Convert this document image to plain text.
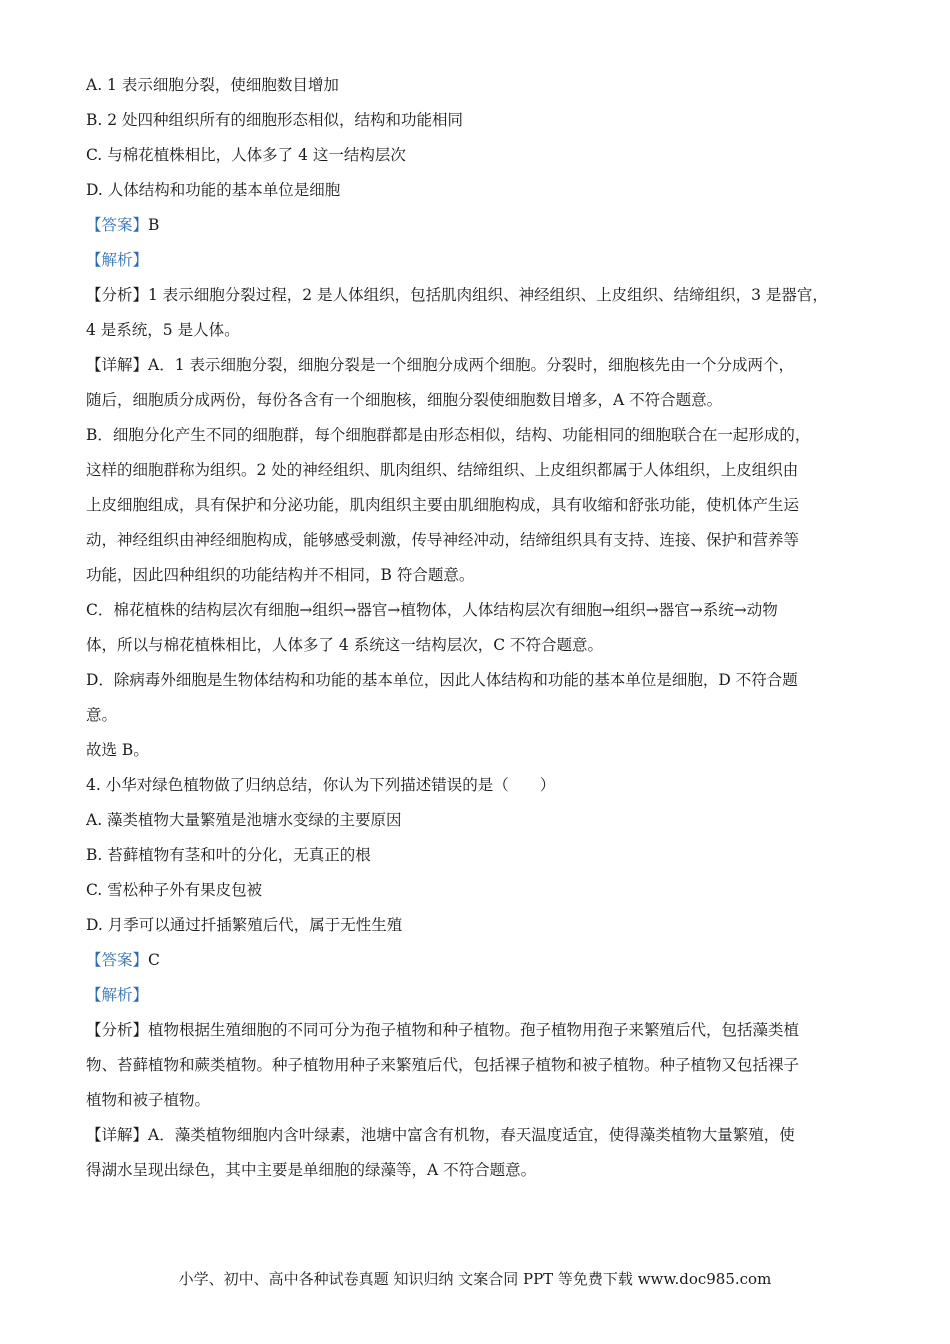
A. 1 表示细胞分裂，使细胞数目增加
B. 2 处四种组织所有的细胞形态相似，结构和功能相同
C. 与棉花植株相比，人体多了 4 这一结构层次
D. 人体结构和功能的基本单位是细胞
【答案】B
【解析】
【分析】1 表示细胞分裂过程，2 是人体组织，包括肌肉组织、神经组织、上皮组织、结缔组织，3 是器官，
4 是系统，5 是人体。
【详解】A．1 表示细胞分裂，细胞分裂是一个细胞分成两个细胞。分裂时，细胞核先由一个分成两个，
随后，细胞质分成两份，每份各含有一个细胞核，细胞分裂使细胞数目增多，A 不符合题意。
B．细胞分化产生不同的细胞群，每个细胞群都是由形态相似，结构、功能相同的细胞联合在一起形成的，
这样的细胞群称为组织。2 处的神经组织、肌肉组织、结缔组织、上皮组织都属于人体组织，上皮组织由
上皮细胞组成，具有保护和分泌功能，肌肉组织主要由肌细胞构成，具有收缩和舒张功能，使机体产生运
动，神经组织由神经细胞构成，能够感受刺激，传导神经冲动，结缔组织具有支持、连接、保护和营养等
功能，因此四种组织的功能结构并不相同，B 符合题意。
C．棉花植株的结构层次有细胞→组织→器官→植物体，人体结构层次有细胞→组织→器官→系统→动物
体，所以与棉花植株相比，人体多了 4 系统这一结构层次，C 不符合题意。
D．除病毒外细胞是生物体结构和功能的基本单位，因此人体结构和功能的基本单位是细胞，D 不符合题
意。
故选 B。
4. 小华对绿色植物做了归纳总结，你认为下列描述错误的是（　　）
A. 藻类植物大量繁殖是池塘水变绿的主要原因
B. 苔藓植物有茎和叶的分化，无真正的根
C. 雪松种子外有果皮包被
D. 月季可以通过扦插繁殖后代，属于无性生殖
【答案】C
【解析】
【分析】植物根据生殖细胞的不同可分为孢子植物和种子植物。孢子植物用孢子来繁殖后代，包括藻类植
物、苔藓植物和蕨类植物。种子植物用种子来繁殖后代，包括裸子植物和被子植物。种子植物又包括裸子
植物和被子植物。
【详解】A．藻类植物细胞内含叶绿素，池塘中富含有机物，春天温度适宜，使得藻类植物大量繁殖，使
得湖水呈现出绿色，其中主要是单细胞的绿藻等，A 不符合题意。
小学、初中、高中各种试卷真题 知识归纳 文案合同 PPT 等免费下载 www.doc985.com
